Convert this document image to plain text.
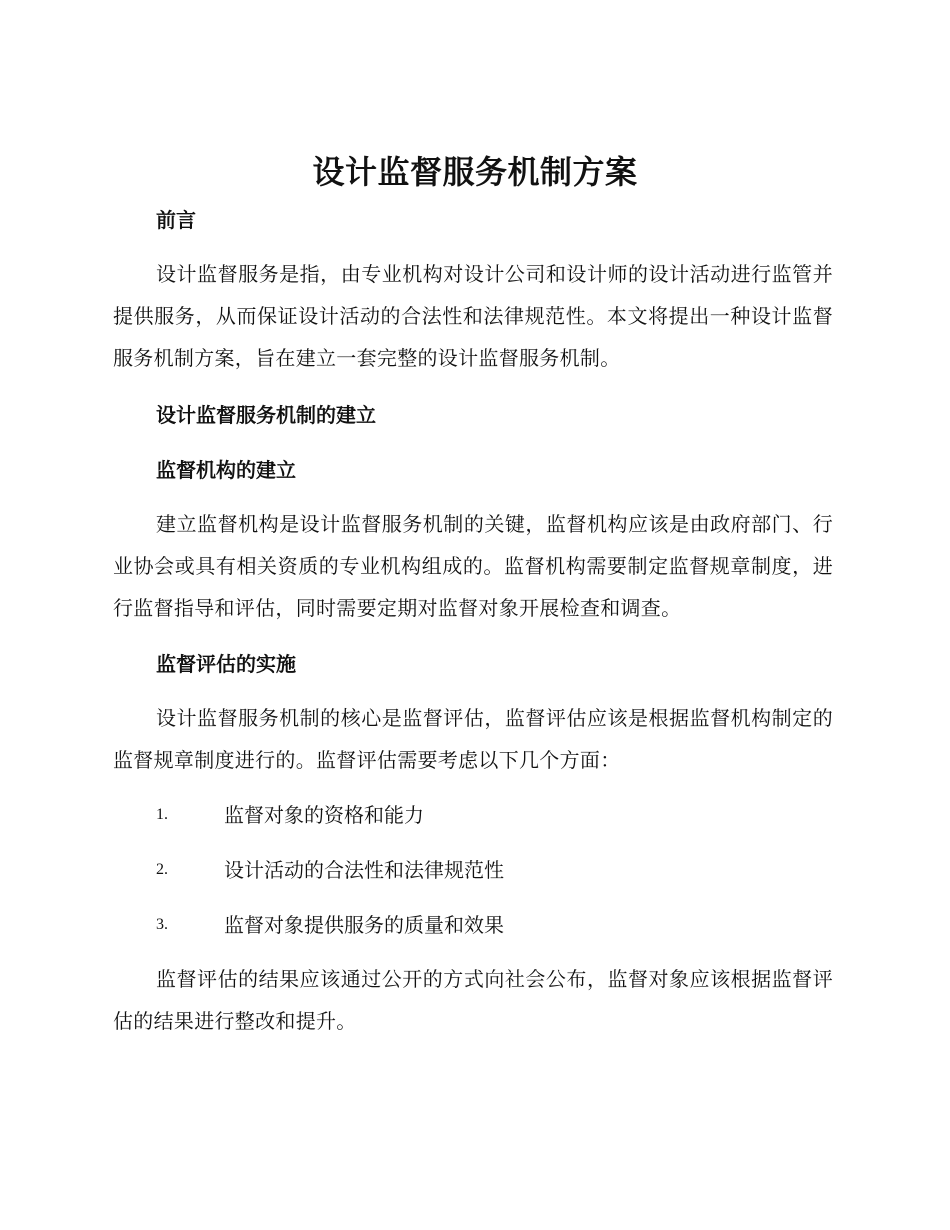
设计监督服务机制方案
前言

设计监督服务是指，由专业机构对设计公司和设计师的设计活动进行监管并提供服务，从而保证设计活动的合法性和法律规范性。本文将提出一种设计监督服务机制方案，旨在建立一套完整的设计监督服务机制。

设计监督服务机制的建立
监督机构的建立

建立监督机构是设计监督服务机制的关键，监督机构应该是由政府部门、行业协会或具有相关资质的专业机构组成的。监督机构需要制定监督规章制度，进行监督指导和评估，同时需要定期对监督对象开展检查和调查。

监督评估的实施

设计监督服务机制的核心是监督评估，监督评估应该是根据监督机构制定的监督规章制度进行的。监督评估需要考虑以下几个方面：

1.	监督对象的资格和能力
2.	设计活动的合法性和法律规范性
3.	监督对象提供服务的质量和效果

监督评估的结果应该通过公开的方式向社会公布，监督对象应该根据监督评估的结果进行整改和提升。
